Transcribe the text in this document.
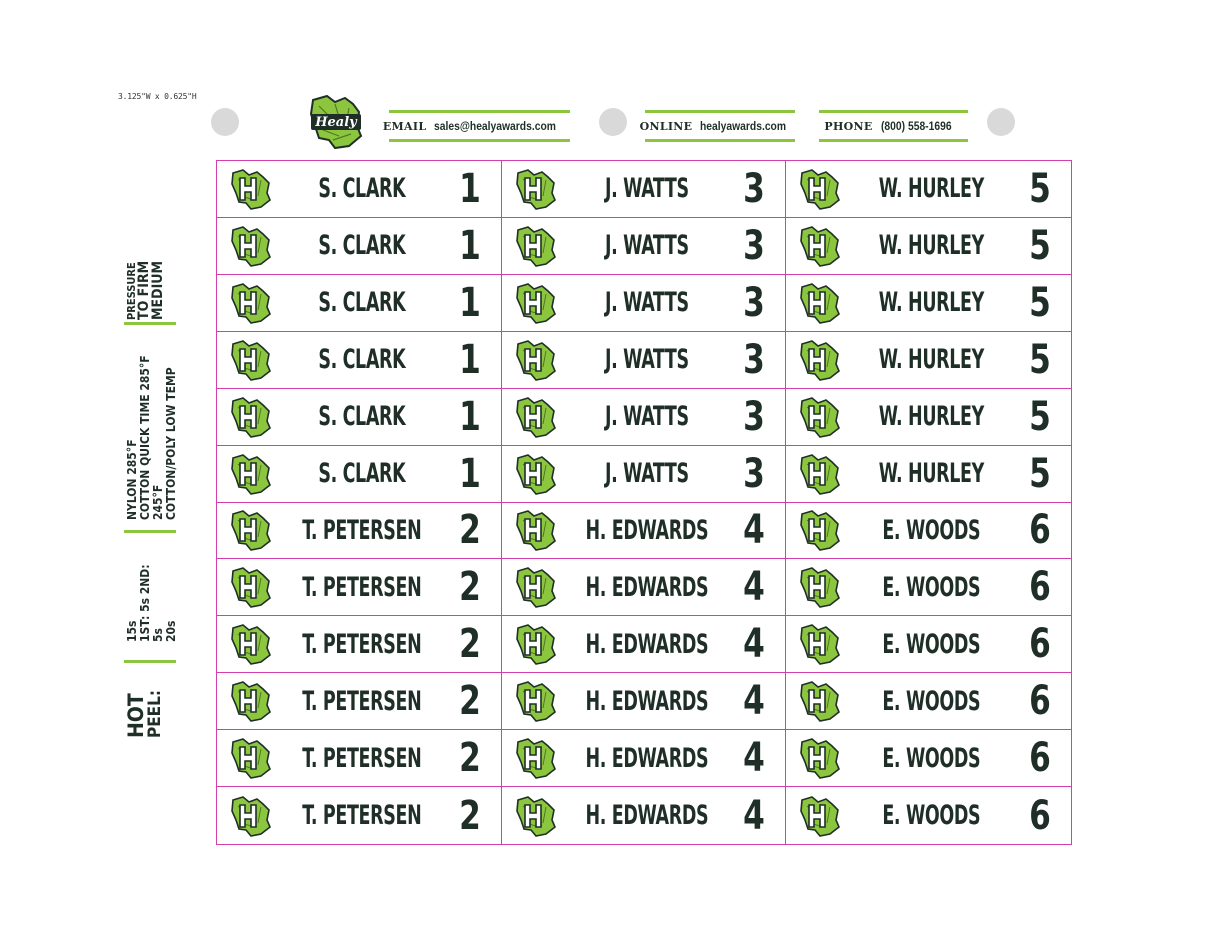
3.125"W x 0.625"H
Healy EMAIL sales@healyawards.com	ONLINE healyawards.com	PHONE (800) 558-1696
MEDIUM
TO FIRM
PRESSURE
COTTON/POLY LOW TEMP 245°F
COTTON QUICK TIME 285°F
NYLON 285°F
20s
5s
1ST: 5s 2ND: 15s
PEEL:
HOT
S. CLARK	1	J. WATTS	3	W. HURLEY 5
S. CLARK	1	J. WATTS	3	W. HURLEY 5
S. CLARK	1	J. WATTS	3	W. HURLEY 5
S. CLARK	1	J. WATTS	3	W. HURLEY 5
S. CLARK	1	J. WATTS	3	W. HURLEY 5
S. CLARK	1	J. WATTS	3	W. HURLEY 5
T. PETERSEN 2	H. EDWARDS 4	E. WOODS	6
T. PETERSEN 2	H. EDWARDS 4	E. WOODS	6
T. PETERSEN 2	H. EDWARDS 4	E. WOODS	6
T. PETERSEN 2	H. EDWARDS 4	E. WOODS	6
T. PETERSEN 2	H. EDWARDS 4	E. WOODS	6
T. PETERSEN 2	H. EDWARDS 4	E. WOODS	6
